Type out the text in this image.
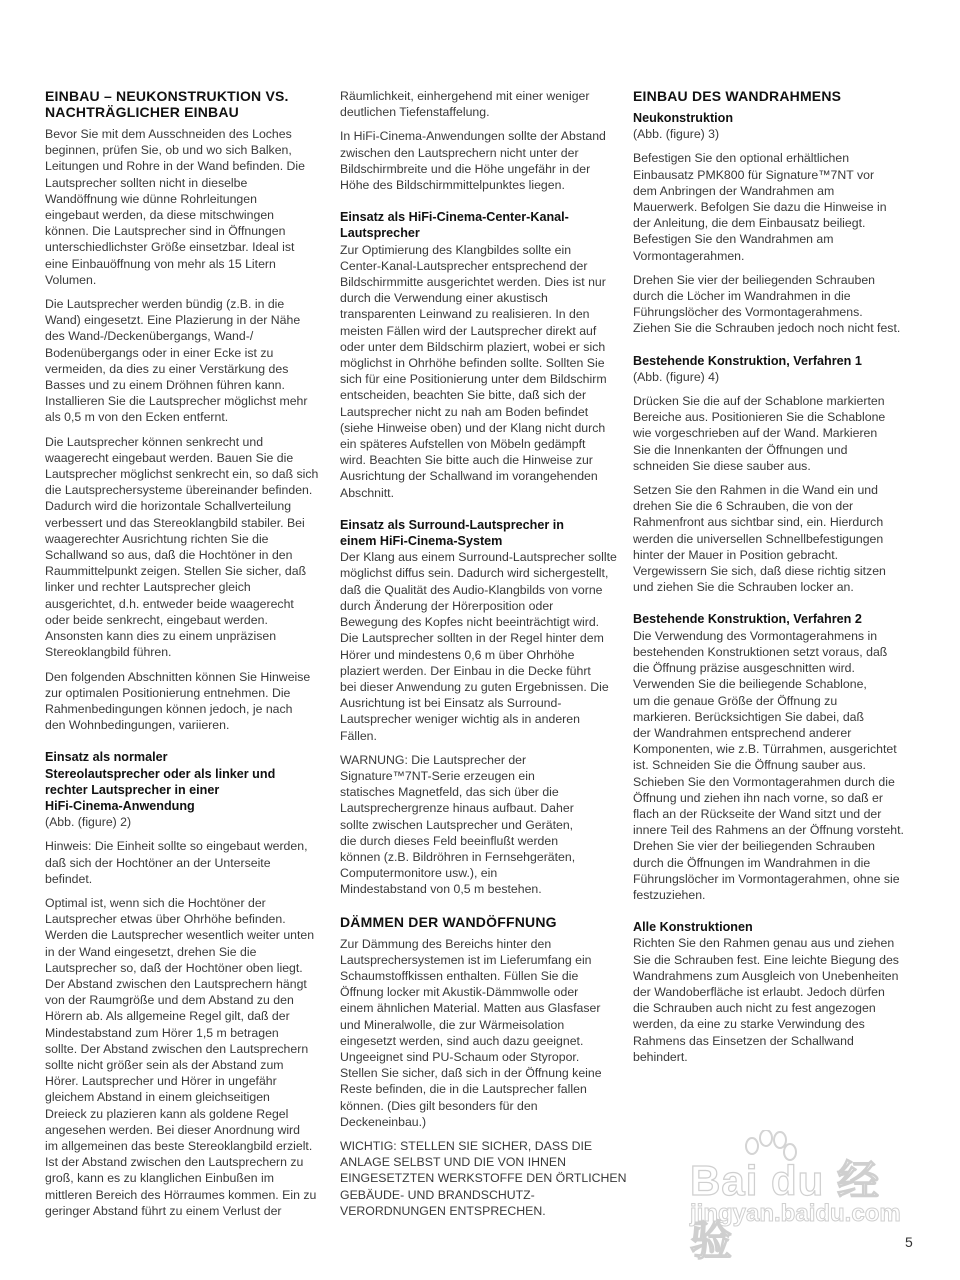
EINBAU – NEUKONSTRUKTION VS.
NACHTRÄGLICHER EINBAU
Bevor Sie mit dem Ausschneiden des Loches
beginnen, prüfen Sie, ob und wo sich Balken,
Leitungen und Rohre in der Wand befinden. Die
Lautsprecher sollten nicht in dieselbe
Wandöffnung wie dünne Rohrleitungen
eingebaut werden, da diese mitschwingen
können. Die Lautsprecher sind in Öffnungen
unterschiedlichster Größe einsetzbar. Ideal ist
eine Einbauöffnung von mehr als 15 Litern
Volumen.
Die Lautsprecher werden bündig (z.B. in die
Wand) eingesetzt. Eine Plazierung in der Nähe
des Wand-/Deckenübergangs, Wand-/
Bodenübergangs oder in einer Ecke ist zu
vermeiden, da dies zu einer Verstärkung des
Basses und zu einem Dröhnen führen kann.
Installieren Sie die Lautsprecher möglichst mehr
als 0,5 m von den Ecken entfernt.
Die Lautsprecher können senkrecht und
waagerecht eingebaut werden. Bauen Sie die
Lautsprecher möglichst senkrecht ein, so daß sich
die Lautsprechersysteme übereinander befinden.
Dadurch wird die horizontale Schallverteilung
verbessert und das Stereoklangbild stabiler. Bei
waagerechter Ausrichtung richten Sie die
Schallwand so aus, daß die Hochtöner in den
Raummittelpunkt zeigen. Stellen Sie sicher, daß
linker und rechter Lautsprecher gleich
ausgerichtet, d.h. entweder beide waagerecht
oder beide senkrecht, eingebaut werden.
Ansonsten kann dies zu einem unpräzisen
Stereoklangbild führen.
Den folgenden Abschnitten können Sie Hinweise
zur optimalen Positionierung entnehmen. Die
Rahmenbedingungen können jedoch, je nach
den Wohnbedingungen, variieren.
Einsatz als normaler
Stereolautsprecher oder als linker und
rechter Lautsprecher in einer
HiFi-Cinema-Anwendung
(Abb. (figure) 2)
Hinweis: Die Einheit sollte so eingebaut werden,
daß sich der Hochtöner an der Unterseite
befindet.
Optimal ist, wenn sich die Hochtöner der
Lautsprecher etwas über Ohrhöhe befinden.
Werden die Lautsprecher wesentlich weiter unten
in der Wand eingesetzt, drehen Sie die
Lautsprecher so, daß der Hochtöner oben liegt.
Der Abstand zwischen den Lautsprechern hängt
von der Raumgröße und dem Abstand zu den
Hörern ab. Als allgemeine Regel gilt, daß der
Mindestabstand zum Hörer 1,5 m betragen
sollte. Der Abstand zwischen den Lautsprechern
sollte nicht größer sein als der Abstand zum
Hörer. Lautsprecher und Hörer in ungefähr
gleichem Abstand in einem gleichseitigen
Dreieck zu plazieren kann als goldene Regel
angesehen werden. Bei dieser Anordnung wird
im allgemeinen das beste Stereoklangbild erzielt.
Ist der Abstand zwischen den Lautsprechern zu
groß, kann es zu klanglichen Einbußen im
mittleren Bereich des Hörraumes kommen. Ein zu
geringer Abstand führt zu einem Verlust der
Räumlichkeit, einhergehend mit einer weniger
deutlichen Tiefenstaffelung.
In HiFi-Cinema-Anwendungen sollte der Abstand
zwischen den Lautsprechern nicht unter der
Bildschirmbreite und die Höhe ungefähr in der
Höhe des Bildschirmmittelpunktes liegen.
Einsatz als HiFi-Cinema-Center-Kanal-
Lautsprecher
Zur Optimierung des Klangbildes sollte ein
Center-Kanal-Lautsprecher entsprechend der
Bildschirmmitte ausgerichtet werden. Dies ist nur
durch die Verwendung einer akustisch
transparenten Leinwand zu realisieren. In den
meisten Fällen wird der Lautsprecher direkt auf
oder unter dem Bildschirm plaziert, wobei er sich
möglichst in Ohrhöhe befinden sollte. Sollten Sie
sich für eine Positionierung unter dem Bildschirm
entscheiden, beachten Sie bitte, daß sich der
Lautsprecher nicht zu nah am Boden befindet
(siehe Hinweise oben) und der Klang nicht durch
ein späteres Aufstellen von Möbeln gedämpft
wird. Beachten Sie bitte auch die Hinweise zur
Ausrichtung der Schallwand im vorangehenden
Abschnitt.
Einsatz als Surround-Lautsprecher in
einem HiFi-Cinema-System
Der Klang aus einem Surround-Lautsprecher sollte
möglichst diffus sein. Dadurch wird sichergestellt,
daß die Qualität des Audio-Klangbilds von vorne
durch Änderung der Hörerposition oder
Bewegung des Kopfes nicht beeinträchtigt wird.
Die Lautsprecher sollten in der Regel hinter dem
Hörer und mindestens 0,6 m über Ohrhöhe
plaziert werden. Der Einbau in die Decke führt
bei dieser Anwendung zu guten Ergebnissen. Die
Ausrichtung ist bei Einsatz als Surround-
Lautsprecher weniger wichtig als in anderen
Fällen.
WARNUNG: Die Lautsprecher der
Signature™7NT-Serie erzeugen ein
statisches Magnetfeld, das sich über die
Lautsprechergrenze hinaus aufbaut. Daher
sollte zwischen Lautsprecher und Geräten,
die durch dieses Feld beeinflußt werden
können (z.B. Bildröhren in Fernsehgeräten,
Computermonitore usw.), ein
Mindestabstand von 0,5 m bestehen.
DÄMMEN DER WANDÖFFNUNG
Zur Dämmung des Bereichs hinter den
Lautsprechersystemen ist im Lieferumfang ein
Schaumstoffkissen enthalten. Füllen Sie die
Öffnung locker mit Akustik-Dämmwolle oder
einem ähnlichen Material. Matten aus Glasfaser
und Mineralwolle, die zur Wärmeisolation
eingesetzt werden, sind auch dazu geeignet.
Ungeeignet sind PU-Schaum oder Styropor.
Stellen Sie sicher, daß sich in der Öffnung keine
Reste befinden, die in die Lautsprecher fallen
können. (Dies gilt besonders für den
Deckeneinbau.)
WICHTIG: STELLEN SIE SICHER, DASS DIE
ANLAGE SELBST UND DIE VON IHNEN
EINGESETZTEN WERKSTOFFE DEN ÖRTLICHEN
GEBÄUDE- UND BRANDSCHUTZ-
VERORDNUNGEN ENTSPRECHEN.
EINBAU DES WANDRAHMENS
Neukonstruktion
(Abb. (figure) 3)
Befestigen Sie den optional erhältlichen
Einbausatz PMK800 für Signature™7NT vor
dem Anbringen der Wandrahmen am
Mauerwerk. Befolgen Sie dazu die Hinweise in
der Anleitung, die dem Einbausatz beiliegt.
Befestigen Sie den Wandrahmen am
Vormontagerahmen.
Drehen Sie vier der beiliegenden Schrauben
durch die Löcher im Wandrahmen in die
Führungslöcher des Vormontagerahmens.
Ziehen Sie die Schrauben jedoch noch nicht fest.
Bestehende Konstruktion, Verfahren 1
(Abb. (figure) 4)
Drücken Sie die auf der Schablone markierten
Bereiche aus. Positionieren Sie die Schablone
wie vorgeschrieben auf der Wand. Markieren
Sie die Innenkanten der Öffnungen und
schneiden Sie diese sauber aus.
Setzen Sie den Rahmen in die Wand ein und
drehen Sie die 6 Schrauben, die von der
Rahmenfront aus sichtbar sind, ein. Hierdurch
werden die universellen Schnellbefestigungen
hinter der Mauer in Position gebracht.
Vergewissern Sie sich, daß diese richtig sitzen
und ziehen Sie die Schrauben locker an.
Bestehende Konstruktion, Verfahren 2
Die Verwendung des Vormontagerahmens in
bestehenden Konstruktionen setzt voraus, daß
die Öffnung präzise ausgeschnitten wird.
Verwenden Sie die beiliegende Schablone,
um die genaue Größe der Öffnung zu
markieren. Berücksichtigen Sie dabei, daß
der Wandrahmen entsprechend anderer
Komponenten, wie z.B. Türrahmen, ausgerichtet
ist. Schneiden Sie die Öffnung sauber aus.
Schieben Sie den Vormontagerahmen durch die
Öffnung und ziehen ihn nach vorne, so daß er
flach an der Rückseite der Wand sitzt und der
innere Teil des Rahmens an der Öffnung vorsteht.
Drehen Sie vier der beiliegenden Schrauben
durch die Öffnungen im Wandrahmen in die
Führungslöcher im Vormontagerahmen, ohne sie
festzuziehen.
Alle Konstruktionen
Richten Sie den Rahmen genau aus und ziehen
Sie die Schrauben fest. Eine leichte Biegung des
Wandrahmens zum Ausgleich von Unebenheiten
der Wandoberfläche ist erlaubt. Jedoch dürfen
die Schrauben auch nicht zu fest angezogen
werden, da eine zu starke Verwindung des
Rahmens das Einsetzen der Schallwand
behindert.
Bai du 经验
jingyan.baidu.com
5
